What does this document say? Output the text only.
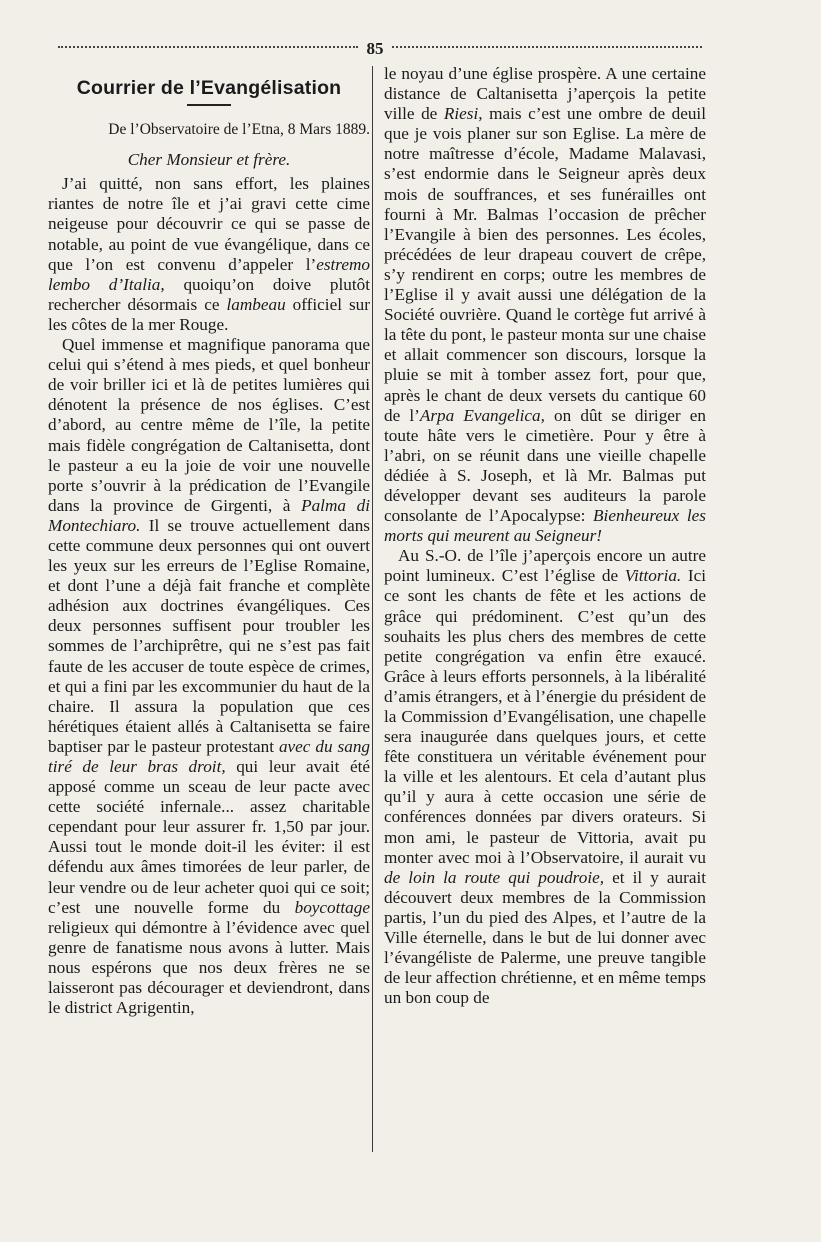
85
Courrier de l’Evangélisation
De l’Observatoire de l’Etna, 8 Mars 1889.
Cher Monsieur et frère.

J’ai quitté, non sans effort, les plaines riantes de notre île et j’ai gravi cette cime neigeuse pour découvrir ce qui se passe de notable, au point de vue évangélique, dans ce que l’on est convenu d’appeler l’estremo lembo d’Italia, quoiqu’on doive plutôt rechercher désormais ce lambeau officiel sur les côtes de la mer Rouge.

Quel immense et magnifique panorama que celui qui s’étend à mes pieds, et quel bonheur de voir briller ici et là de petites lumières qui dénotent la présence de nos églises. C’est d’abord, au centre même de l’île, la petite mais fidèle congrégation de Caltanisetta, dont le pasteur a eu la joie de voir une nouvelle porte s’ouvrir à la prédication de l’Evangile dans la province de Girgenti, à Palma di Montechiaro. Il se trouve actuellement dans cette commune deux personnes qui ont ouvert les yeux sur les erreurs de l’Eglise Romaine, et dont l’une a déjà fait franche et complète adhésion aux doctrines évangéliques. Ces deux personnes suffisent pour troubler les sommes de l’archiprêtre, qui ne s’est pas fait faute de les accuser de toute espèce de crimes, et qui a fini par les excommunier du haut de la chaire. Il assura la population que ces hérétiques étaient allés à Caltanisetta se faire baptiser par le pasteur protestant avec du sang tiré de leur bras droit, qui leur avait été apposé comme un sceau de leur pacte avec cette société infernale... assez charitable cependant pour leur assurer fr. 1,50 par jour. Aussi tout le monde doit-il les éviter: il est défendu aux âmes timorées de leur parler, de leur vendre ou de leur acheter quoi qui ce soit; c’est une nouvelle forme du boycottage religieux qui démontre à l’évidence avec quel genre de fanatisme nous avons à lutter. Mais nous espérons que nos deux frères ne se laisseront pas décourager et deviendront, dans le district Agrigentin,

le noyau d’une église prospère. A une certaine distance de Caltanisetta j’aperçois la petite ville de Riesi, mais c’est une ombre de deuil que je vois planer sur son Eglise. La mère de notre maîtresse d’école, Madame Malavasi, s’est endormie dans le Seigneur après deux mois de souffrances, et ses funérailles ont fourni à Mr. Balmas l’occasion de prêcher l’Evangile à bien des personnes. Les écoles, précédées de leur drapeau couvert de crêpe, s’y rendirent en corps; outre les membres de l’Eglise il y avait aussi une délégation de la Société ouvrière. Quand le cortège fut arrivé à la tête du pont, le pasteur monta sur une chaise et allait commencer son discours, lorsque la pluie se mit à tomber assez fort, pour que, après le chant de deux versets du cantique 60 de l’Arpa Evangelica, on dût se diriger en toute hâte vers le cimetière. Pour y être à l’abri, on se réunit dans une vieille chapelle dédiée à S. Joseph, et là Mr. Balmas put développer devant ses auditeurs la parole consolante de l’Apocalypse: Bienheureux les morts qui meurent au Seigneur!

Au S.-O. de l’île j’aperçois encore un autre point lumineux. C’est l’église de Vittoria. Ici ce sont les chants de fête et les actions de grâce qui prédominent. C’est qu’un des souhaits les plus chers des membres de cette petite congrégation va enfin être exaucé. Grâce à leurs efforts personnels, à la libéralité d’amis étrangers, et à l’énergie du président de la Commission d’Evangélisation, une chapelle sera inaugurée dans quelques jours, et cette fête constituera un véritable événement pour la ville et les alentours. Et cela d’autant plus qu’il y aura à cette occasion une série de conférences données par divers orateurs. Si mon ami, le pasteur de Vittoria, avait pu monter avec moi à l’Observatoire, il aurait vu de loin la route qui poudroie, et il y aurait découvert deux membres de la Commission partis, l’un du pied des Alpes, et l’autre de la Ville éternelle, dans le but de lui donner avec l’évangéliste de Palerme, une preuve tangible de leur affection chrétienne, et en même temps un bon coup de
